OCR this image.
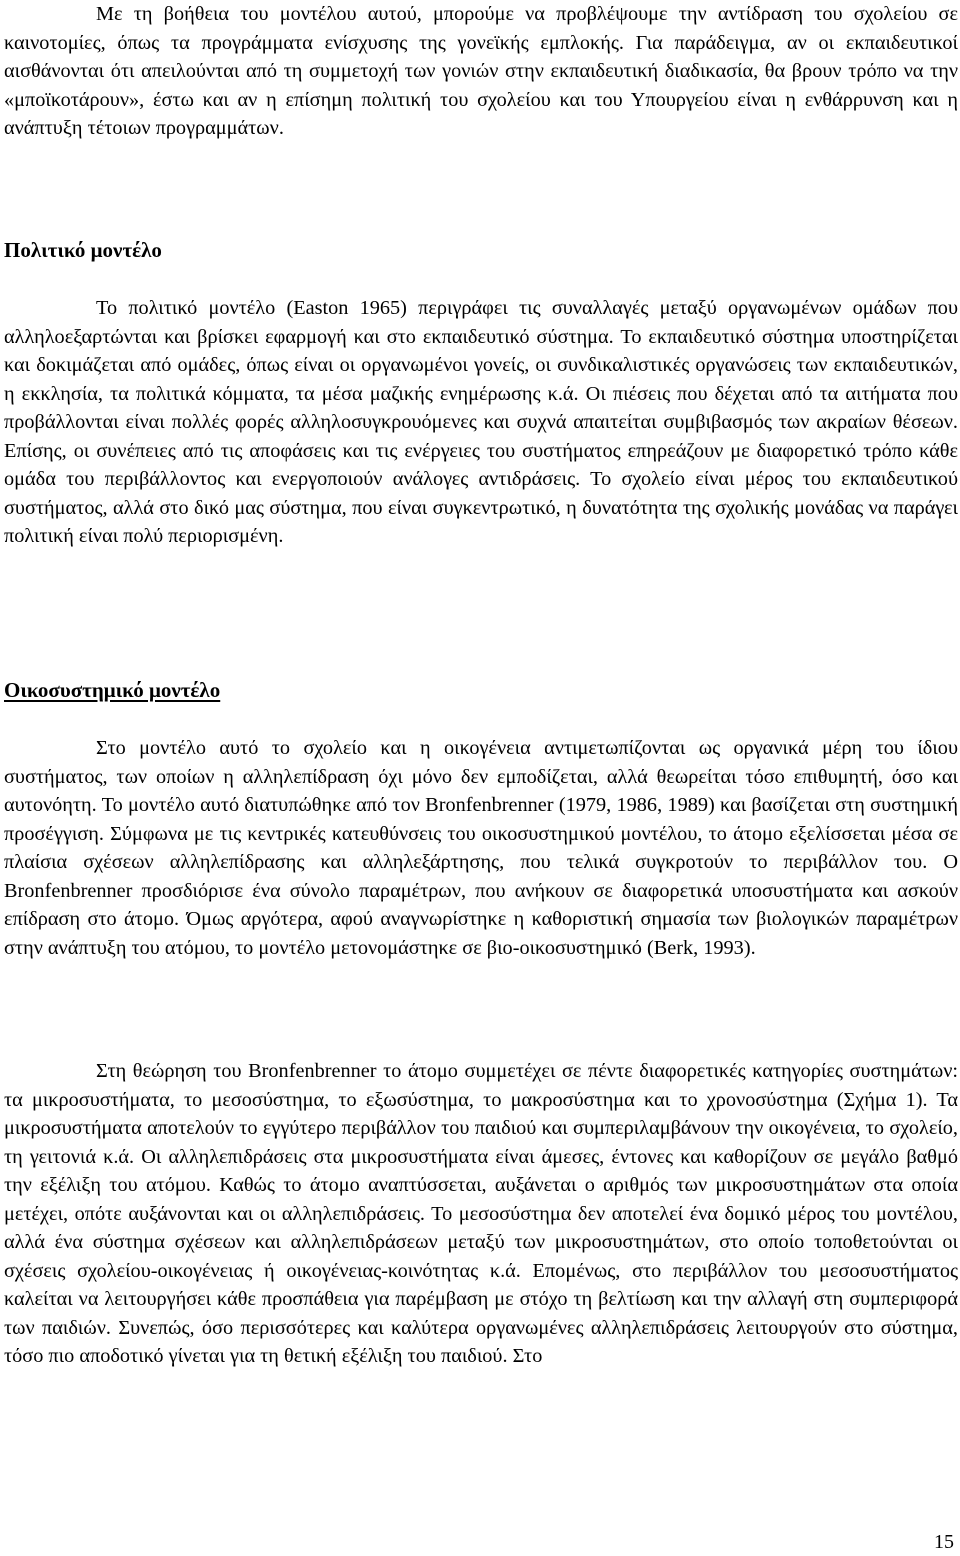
Με τη βοήθεια του μοντέλου αυτού, μπορούμε να προβλέψουμε την αντίδραση του σχολείου σε καινοτομίες, όπως τα προγράμματα ενίσχυσης της γονεϊκής εμπλοκής. Για παράδειγμα, αν οι εκπαιδευτικοί αισθάνονται ότι απειλούνται από τη συμμετοχή των γονιών στην εκπαιδευτική διαδικασία, θα βρουν τρόπο να την «μποϊκοτάρουν», έστω και αν η επίσημη πολιτική του σχολείου και του Υπουργείου είναι η ενθάρρυνση και η ανάπτυξη τέτοιων προγραμμάτων.

Πολιτικό μοντέλο

Το πολιτικό μοντέλο (Easton 1965) περιγράφει τις συναλλαγές μεταξύ οργανωμένων ομάδων που αλληλοεξαρτώνται και βρίσκει εφαρμογή και στο εκπαιδευτικό σύστημα. Το εκπαιδευτικό σύστημα υποστηρίζεται και δοκιμάζεται από ομάδες, όπως είναι οι οργανωμένοι γονείς, οι συνδικαλιστικές οργανώσεις των εκπαιδευτικών, η εκκλησία, τα πολιτικά κόμματα, τα μέσα μαζικής ενημέρωσης κ.ά. Οι πιέσεις που δέχεται από τα αιτήματα που προβάλλονται είναι πολλές φορές αλληλοσυγκρουόμενες και συχνά απαιτείται συμβιβασμός των ακραίων θέσεων. Επίσης, οι συνέπειες από τις αποφάσεις και τις ενέργειες του συστήματος επηρεάζουν με διαφορετικό τρόπο κάθε ομάδα του περιβάλλοντος και ενεργοποιούν ανάλογες αντιδράσεις. Το σχολείο είναι μέρος του εκπαιδευτικού συστήματος, αλλά στο δικό μας σύστημα, που είναι συγκεντρωτικό, η δυνατότητα της σχολικής μονάδας να παράγει πολιτική είναι πολύ περιορισμένη.

Οικοσυστημικό μοντέλο

Στο μοντέλο αυτό το σχολείο και η οικογένεια αντιμετωπίζονται ως οργανικά μέρη του ίδιου συστήματος, των οποίων η αλληλεπίδραση όχι μόνο δεν εμποδίζεται, αλλά θεωρείται τόσο επιθυμητή, όσο και αυτονόητη. Το μοντέλο αυτό διατυπώθηκε από τον Bronfenbrenner (1979, 1986, 1989) και βασίζεται στη συστημική προσέγγιση. Σύμφωνα με τις κεντρικές κατευθύνσεις του οικοσυστημικού μοντέλου, το άτομο εξελίσσεται μέσα σε πλαίσια σχέσεων αλληλεπίδρασης και αλληλεξάρτησης, που τελικά συγκροτούν το περιβάλλον του. Ο Bronfenbrenner προσδιόρισε ένα σύνολο παραμέτρων, που ανήκουν σε διαφορετικά υποσυστήματα και ασκούν επίδραση στο άτομο. Όμως αργότερα, αφού αναγνωρίστηκε η καθοριστική σημασία των βιολογικών παραμέτρων στην ανάπτυξη του ατόμου, το μοντέλο μετονομάστηκε σε βιο-οικοσυστημικό (Berk, 1993).

Στη θεώρηση του Bronfenbrenner το άτομο συμμετέχει σε πέντε διαφορετικές κατηγορίες συστημάτων: τα μικροσυστήματα, το μεσοσύστημα, το εξωσύστημα, το μακροσύστημα και το χρονοσύστημα (Σχήμα 1). Τα μικροσυστήματα αποτελούν το εγγύτερο περιβάλλον του παιδιού και συμπεριλαμβάνουν την οικογένεια, το σχολείο, τη γειτονιά κ.ά. Οι αλληλεπιδράσεις στα μικροσυστήματα είναι άμεσες, έντονες και καθορίζουν σε μεγάλο βαθμό την εξέλιξη του ατόμου. Καθώς το άτομο αναπτύσσεται, αυξάνεται ο αριθμός των μικροσυστημάτων στα οποία μετέχει, οπότε αυξάνονται και οι αλληλεπιδράσεις. Το μεσοσύστημα δεν αποτελεί ένα δομικό μέρος του μοντέλου, αλλά ένα σύστημα σχέσεων και αλληλεπιδράσεων μεταξύ των μικροσυστημάτων, στο οποίο τοποθετούνται οι σχέσεις σχολείου-οικογένειας ή οικογένειας-κοινότητας κ.ά. Επομένως, στο περιβάλλον του μεσοσυστήματος καλείται να λειτουργήσει κάθε προσπάθεια για παρέμβαση με στόχο τη βελτίωση και την αλλαγή στη συμπεριφορά των παιδιών. Συνεπώς, όσο περισσότερες και καλύτερα οργανωμένες αλληλεπιδράσεις λειτουργούν στο σύστημα, τόσο πιο αποδοτικό γίνεται για τη θετική εξέλιξη του παιδιού. Στο

15
